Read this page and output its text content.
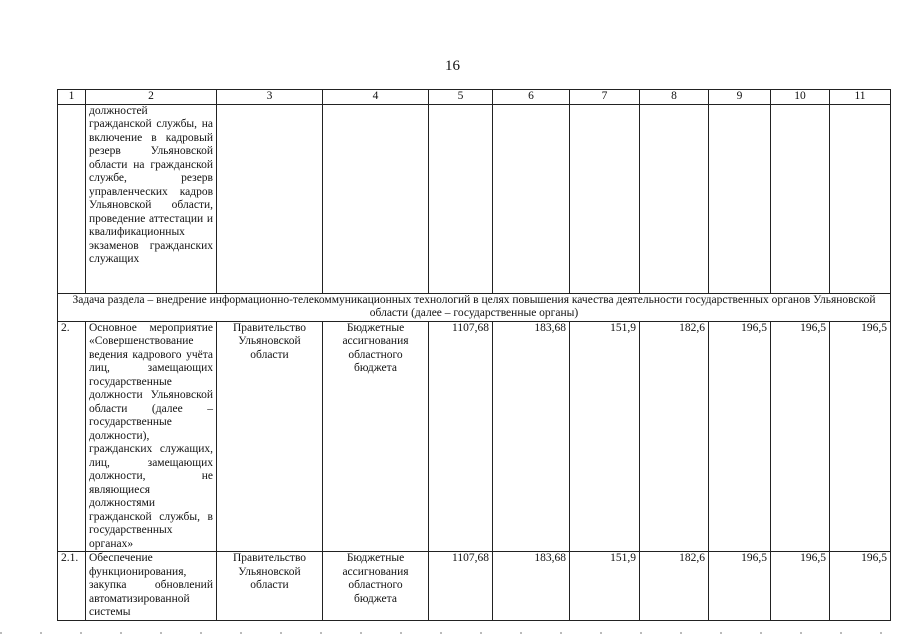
16
1	2	3	4	5	6	7	8	9	10	11
	должностей гражданской службы, на включение в кадровый резерв Ульяновской области на гражданской службе, резерв управленческих кадров Ульяновской области, проведение аттестации и квалификационных экзаменов гражданских служащих									
Задача раздела – внедрение информационно-телекоммуникационных технологий в целях повышения качества деятельности государственных органов Ульяновской области (далее – государственные органы)										
2.	Основное мероприятие «Совершенствование ведения кадрового учёта лиц, замещающих государственные должности Ульяновской области (далее – государственные должности), гражданских служащих, лиц, замещающих должности, не являющиеся должностями гражданской службы, в государственных органах»	Правительство Ульяновской области	Бюджетные ассигнования областного бюджета	1107,68	183,68	151,9	182,6	196,5	196,5	196,5
2.1.	Обеспечение функционирования, закупка обновлений автоматизированной системы	Правительство Ульяновской области	Бюджетные ассигнования областного бюджета	1107,68	183,68	151,9	182,6	196,5	196,5	196,5
